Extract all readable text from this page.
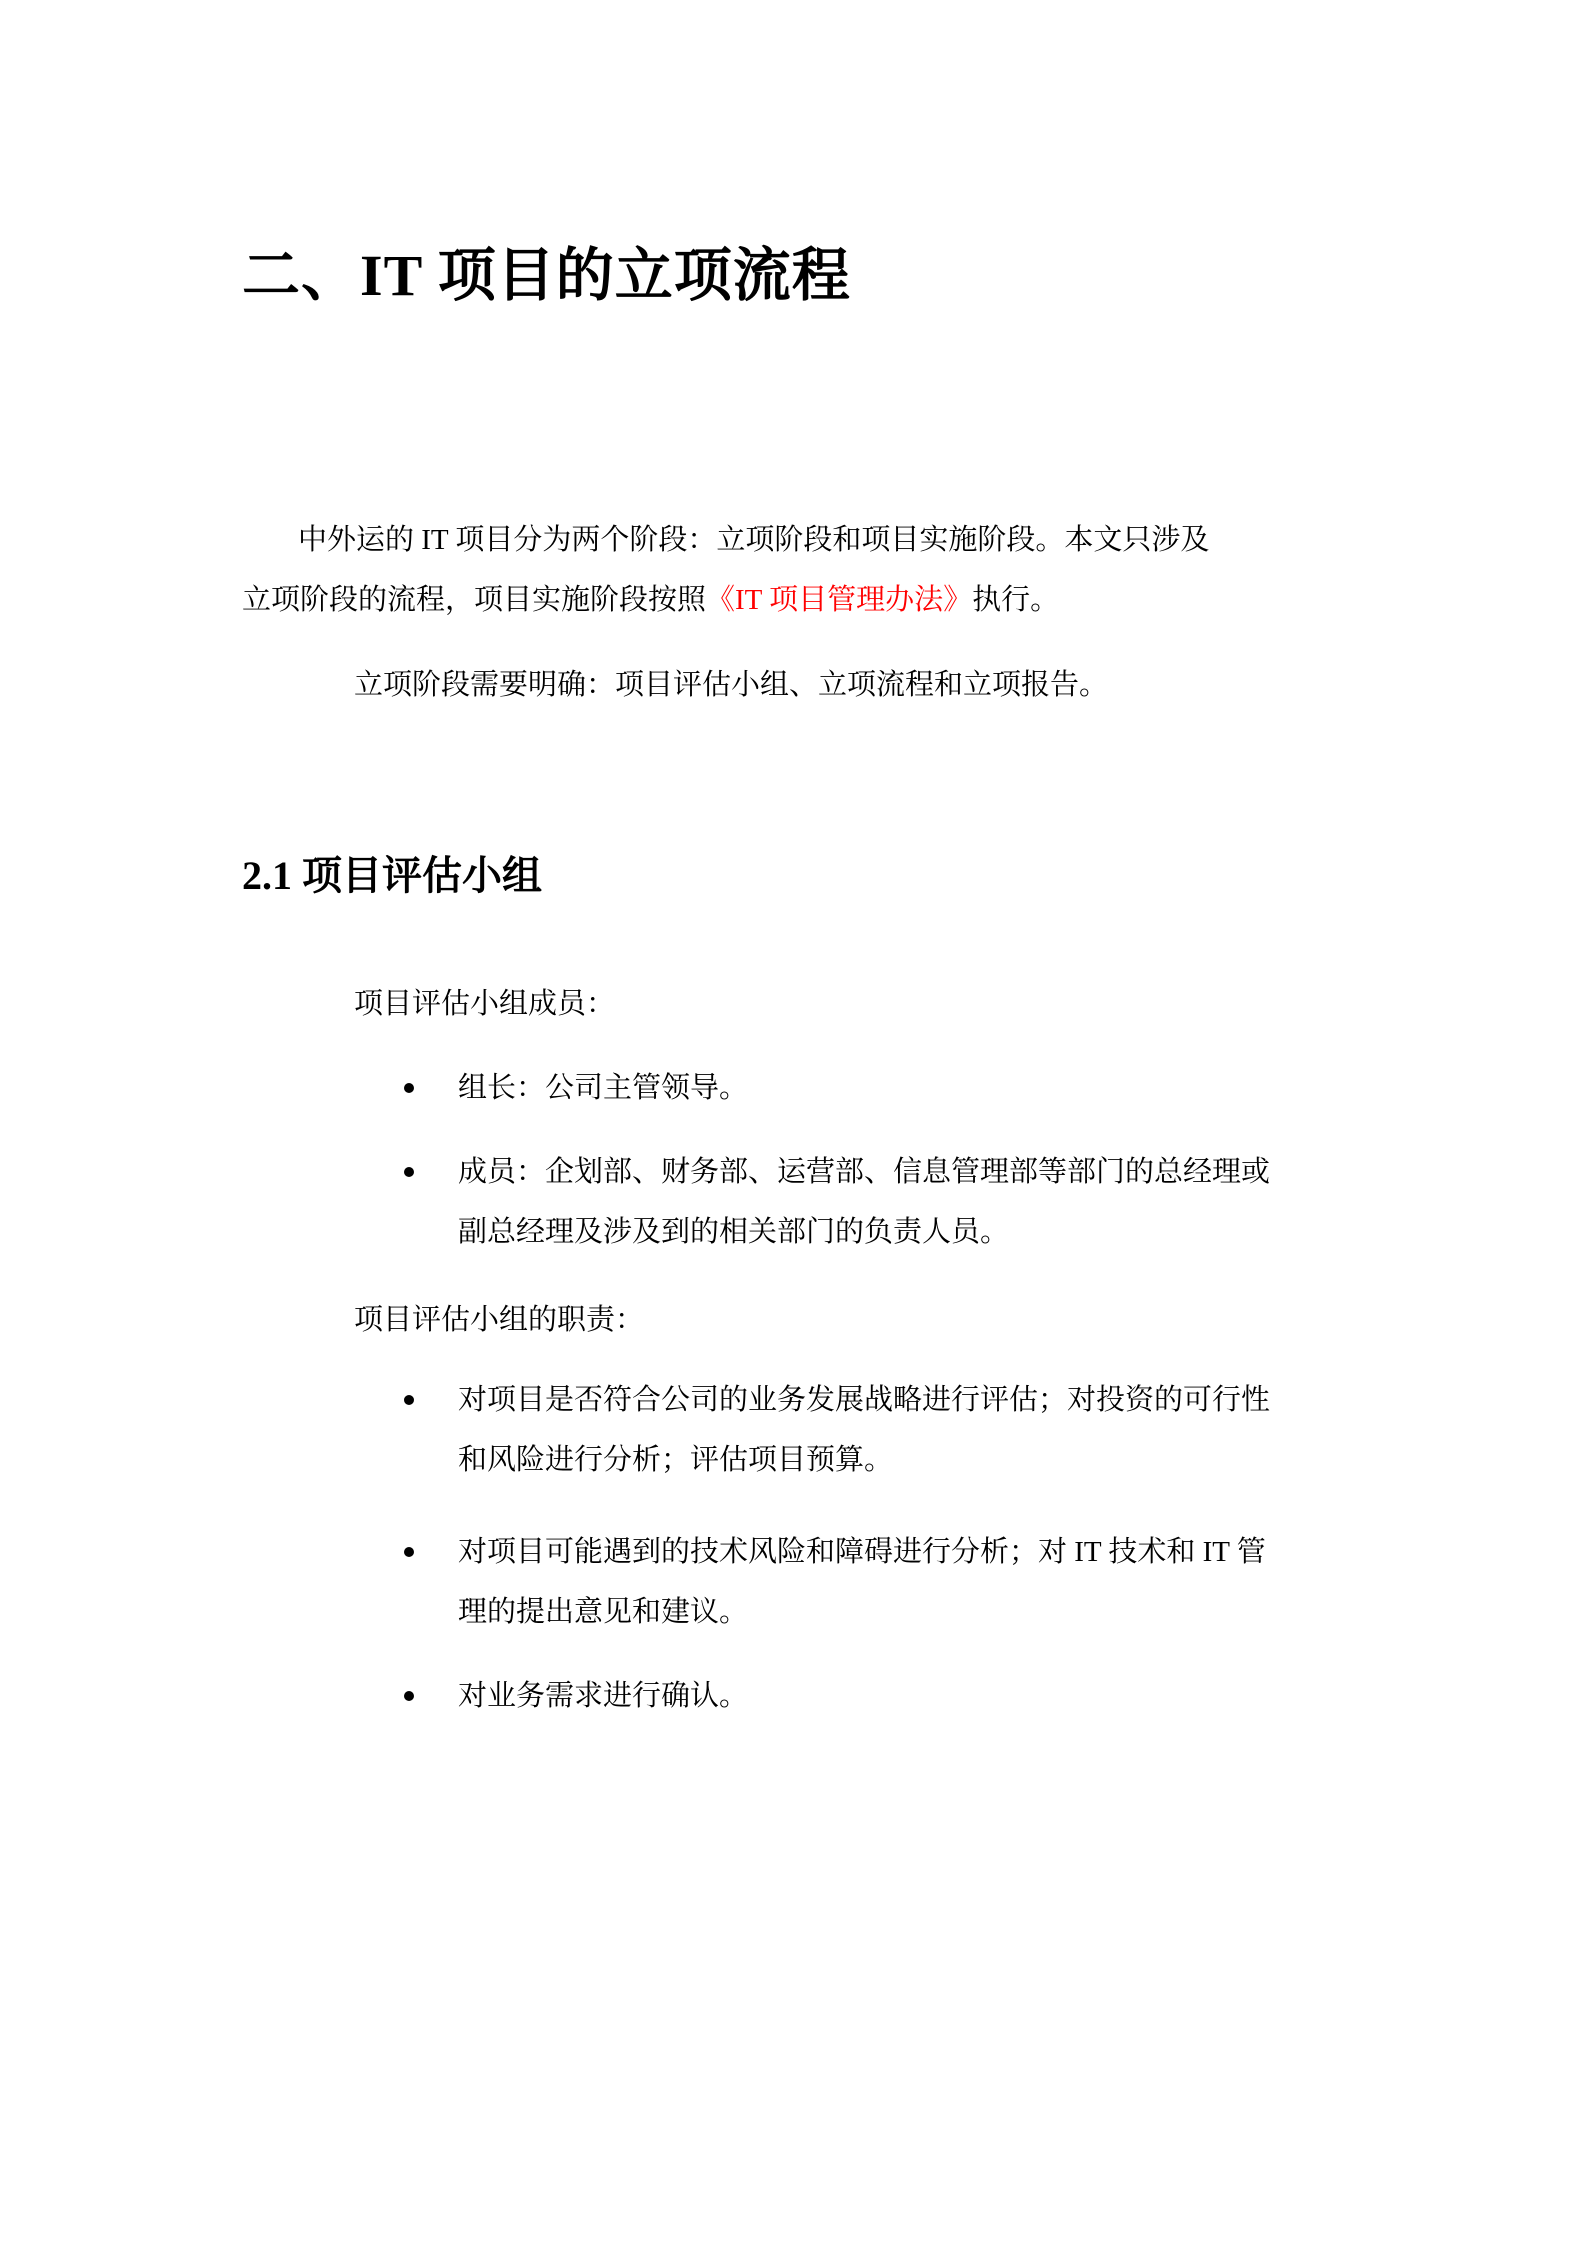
二、IT 项目的立项流程
中外运的 IT 项目分为两个阶段：立项阶段和项目实施阶段。本文只涉及
立项阶段的流程，项目实施阶段按照《IT 项目管理办法》执行。
立项阶段需要明确：项目评估小组、立项流程和立项报告。
2.1 项目评估小组
项目评估小组成员：
组长：公司主管领导。
成员：企划部、财务部、运营部、信息管理部等部门的总经理或
副总经理及涉及到的相关部门的负责人员。
项目评估小组的职责：
对项目是否符合公司的业务发展战略进行评估；对投资的可行性
和风险进行分析；评估项目预算。
对项目可能遇到的技术风险和障碍进行分析；对 IT 技术和 IT 管
理的提出意见和建议。
对业务需求进行确认。
